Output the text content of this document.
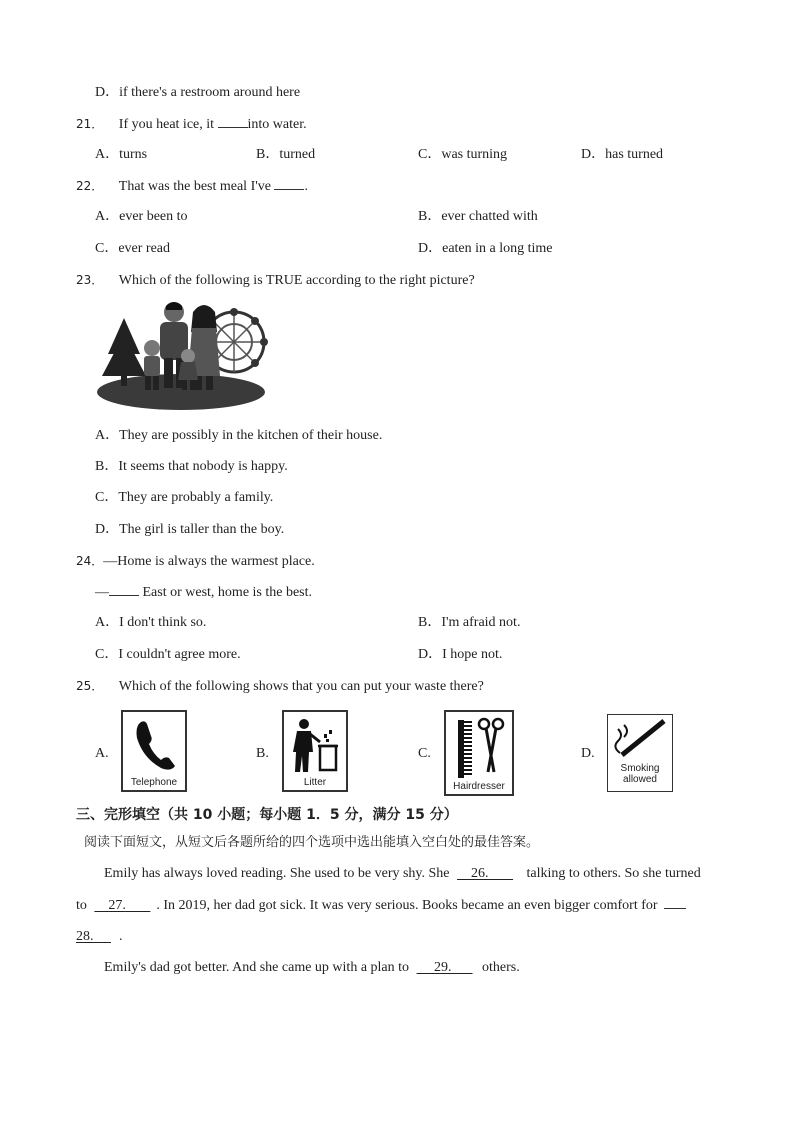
D．if there's a restroom around here
21． If you heat ice, it into water.
A．turns	B．turned	C．was turning	D．has turned
22． That was the best meal I've .
A．ever been to	B．ever chatted with
C．ever read	D．eaten in a long time
23． Which of the following is TRUE according to the right picture?
A．They are possibly in the kitchen of their house.
B．It seems that nobody is happy.
C．They are probably a family.
D．The girl is taller than the boy.
24．—Home is always the warmest place.
— East or west, home is the best.
A．I don't think so.	B．I'm afraid not.
C．I couldn't agree more.	D．I hope not.
25． Which of the following shows that you can put your waste there?
A.
Telephone
B.
Litter
C.
Hairdresser
D.
Smoking
allowed
三、完形填空（共 10 小题；每小题 1．5 分，满分 15 分）
阅读下面短文，从短文后各题所给的四个选项中选出能填入空白处的最佳答案。
Emily has always loved reading. She used to be very shy. She     26.        talking to others. So she turned
to     27. . In 2019, her dad got sick. It was very serious. Books became an even bigger comfort for
28. .
Emily's dad got better. And she came up with a plan to      29.       others.
